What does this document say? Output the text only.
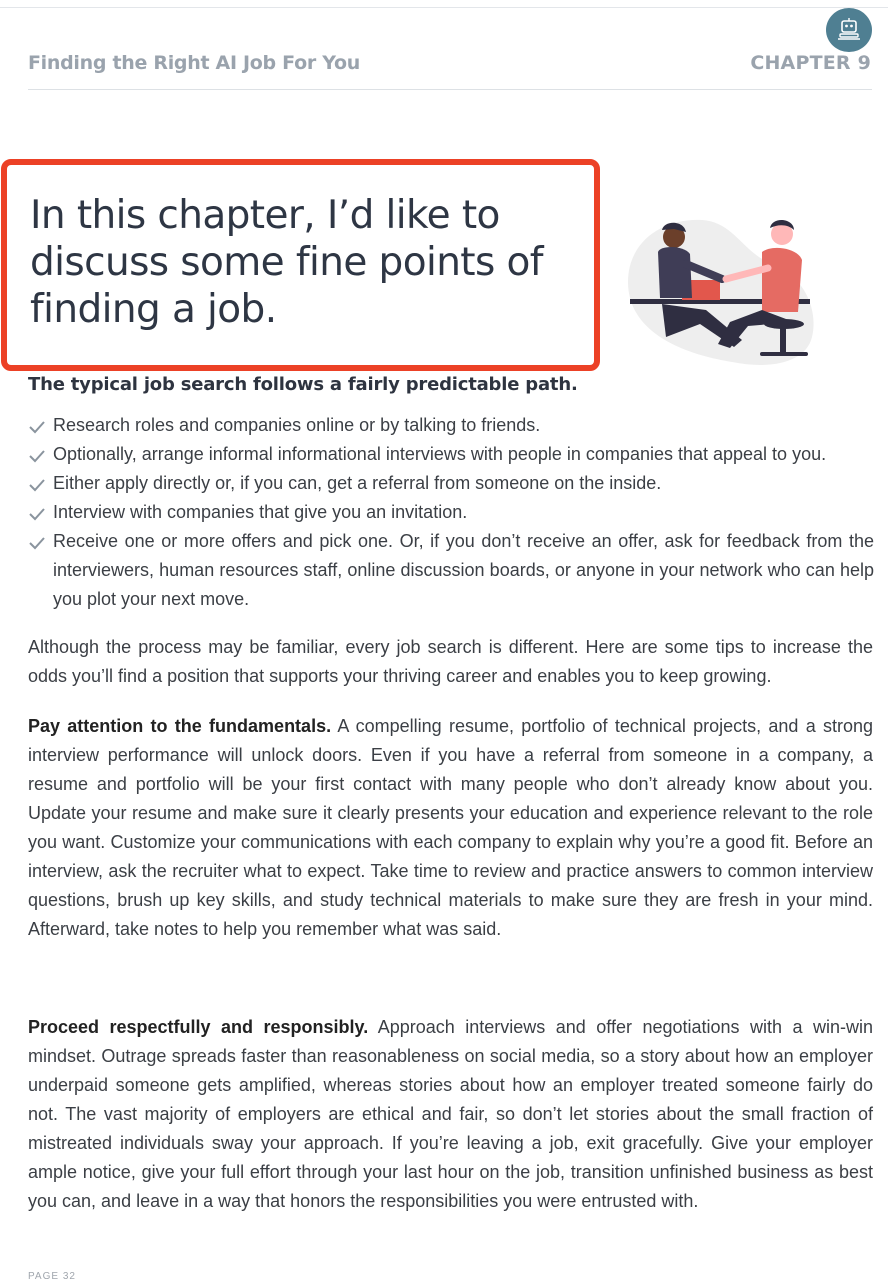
Finding the Right AI Job For You	CHAPTER 9
In this chapter, I’d like to discuss some fine points of finding a job.
The typical job search follows a fairly predictable path.
Research roles and companies online or by talking to friends.
Optionally, arrange informal informational interviews with people in companies that appeal to you.
Either apply directly or, if you can, get a referral from someone on the inside.
Interview with companies that give you an invitation.
Receive one or more offers and pick one. Or, if you don’t receive an offer, ask for feedback from the interviewers, human resources staff, online discussion boards, or anyone in your network who can help you plot your next move.

Although the process may be familiar, every job search is different. Here are some tips to increase the odds you’ll find a position that supports your thriving career and enables you to keep growing.

Pay attention to the fundamentals. A compelling resume, portfolio of technical projects, and a strong interview performance will unlock doors. Even if you have a referral from someone in a company, a resume and portfolio will be your first contact with many people who don’t already know about you. Update your resume and make sure it clearly presents your education and experience relevant to the role you want. Customize your communications with each company to explain why you’re a good fit. Before an interview, ask the recruiter what to expect. Take time to review and practice answers to common interview questions, brush up key skills, and study technical materials to make sure they are fresh in your mind. Afterward, take notes to help you remember what was said.

Proceed respectfully and responsibly. Approach interviews and offer negotiations with a win-win mindset. Outrage spreads faster than reasonableness on social media, so a story about how an employer underpaid someone gets amplified, whereas stories about how an employer treated someone fairly do not. The vast majority of employers are ethical and fair, so don’t let stories about the small fraction of mistreated individuals sway your approach. If you’re leaving a job, exit gracefully. Give your employer ample notice, give your full effort through your last hour on the job, transition unfinished business as best you can, and leave in a way that honors the responsibilities you were entrusted with.

PAGE 32
